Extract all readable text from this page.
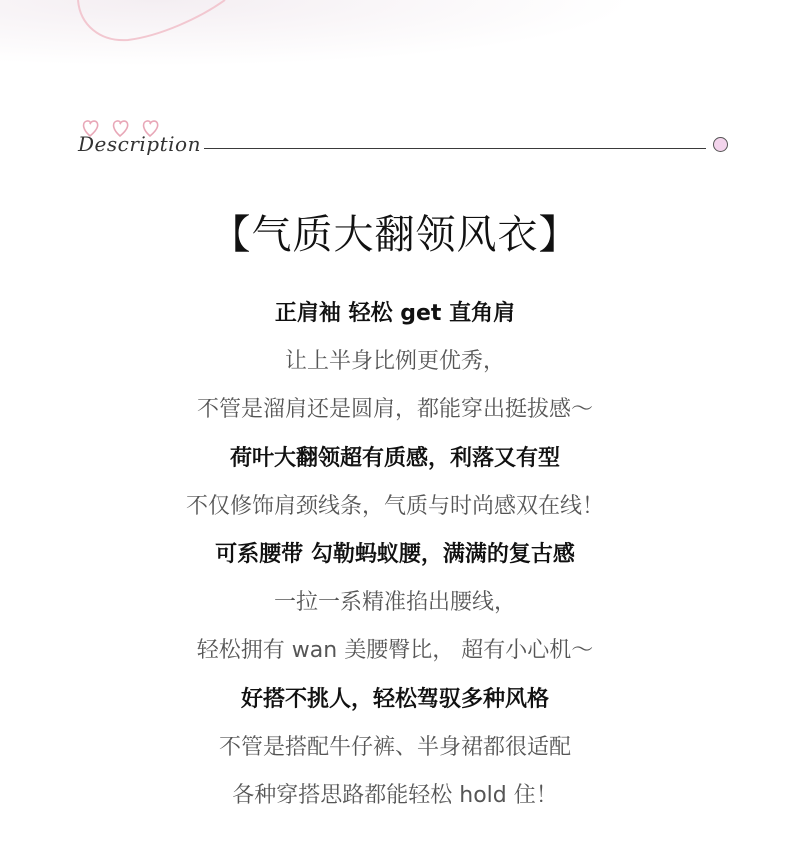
Description
【气质大翻领风衣】
正肩袖 轻松 get 直角肩
让上半身比例更优秀，
不管是溜肩还是圆肩，都能穿出挺拔感～
荷叶大翻领超有质感，利落又有型
不仅修饰肩颈线条，气质与时尚感双在线！
可系腰带 勾勒蚂蚁腰，满满的复古感
一拉一系精准掐出腰线，
轻松拥有 wan 美腰臀比， 超有小心机～
好搭不挑人，轻松驾驭多种风格
不管是搭配牛仔裤、半身裙都很适配
各种穿搭思路都能轻松 hold 住！
